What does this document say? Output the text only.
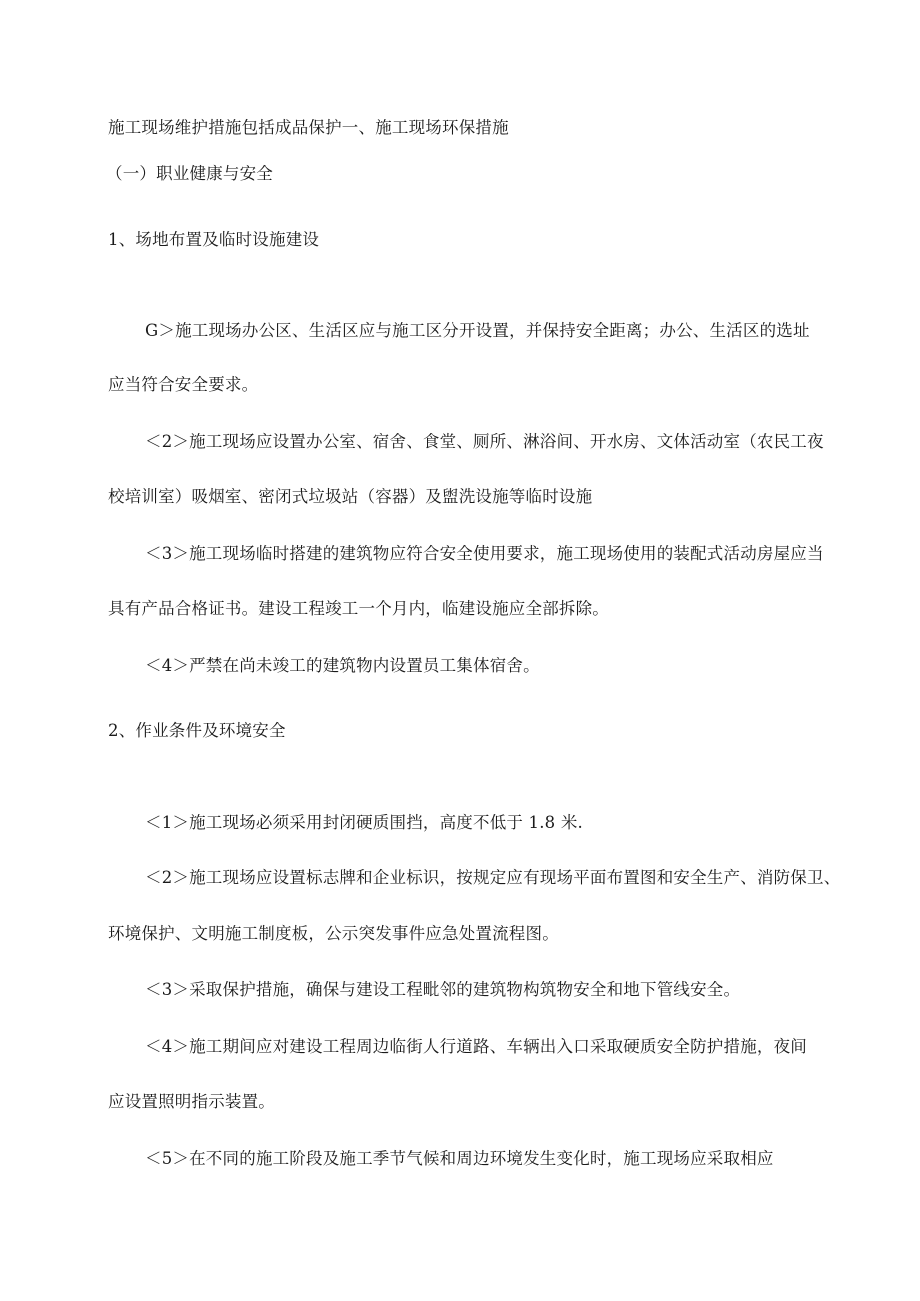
施工现场维护措施包括成品保护一、施工现场环保措施
（一）职业健康与安全
1、场地布置及临时设施建设
G＞施工现场办公区、生活区应与施工区分开设置，并保持安全距离；办公、生活区的选址
应当符合安全要求。
＜2＞施工现场应设置办公室、宿舍、食堂、厕所、淋浴间、开水房、文体活动室（农民工夜
校培训室）吸烟室、密闭式垃圾站（容器）及盥洗设施等临时设施
＜3＞施工现场临时搭建的建筑物应符合安全使用要求，施工现场使用的装配式活动房屋应当
具有产品合格证书。建设工程竣工一个月内，临建设施应全部拆除。
＜4＞严禁在尚未竣工的建筑物内设置员工集体宿舍。
2、作业条件及环境安全
＜1＞施工现场必须采用封闭硬质围挡，高度不低于 1.8 米.
＜2＞施工现场应设置标志牌和企业标识，按规定应有现场平面布置图和安全生产、消防保卫、
环境保护、文明施工制度板，公示突发事件应急处置流程图。
＜3＞采取保护措施，确保与建设工程毗邻的建筑物构筑物安全和地下管线安全。
＜4＞施工期间应对建设工程周边临街人行道路、车辆出入口采取硬质安全防护措施，夜间
应设置照明指示装置。
＜5＞在不同的施工阶段及施工季节气候和周边环境发生变化时，施工现场应采取相应
